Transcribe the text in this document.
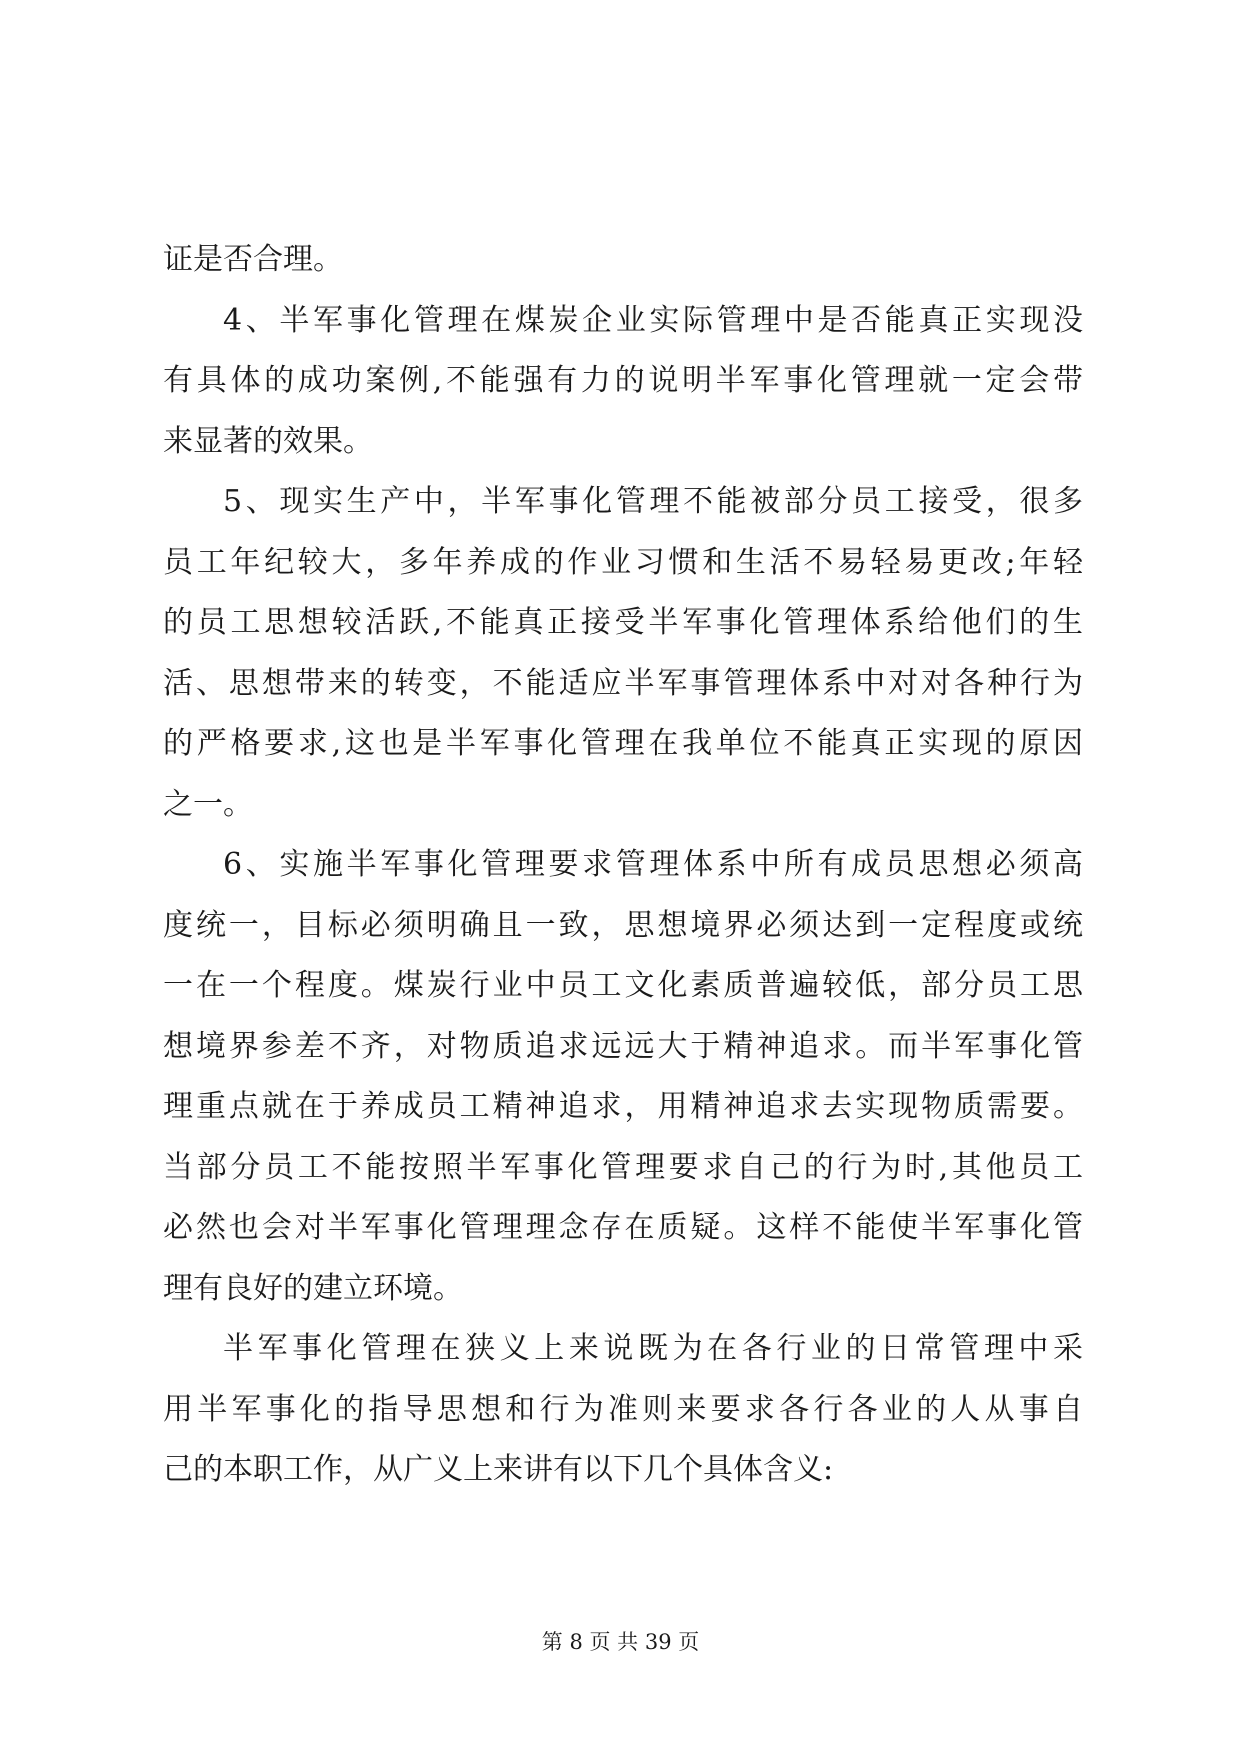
证是否合理。
4、半军事化管理在煤炭企业实际管理中是否能真正实现没
有具体的成功案例,不能强有力的说明半军事化管理就一定会带
来显著的效果。
5、现实生产中，半军事化管理不能被部分员工接受，很多
员工年纪较大，多年养成的作业习惯和生活不易轻易更改;年轻
的员工思想较活跃,不能真正接受半军事化管理体系给他们的生
活、思想带来的转变，不能适应半军事管理体系中对对各种行为
的严格要求,这也是半军事化管理在我单位不能真正实现的原因
之一。
6、实施半军事化管理要求管理体系中所有成员思想必须高
度统一，目标必须明确且一致，思想境界必须达到一定程度或统
一在一个程度。煤炭行业中员工文化素质普遍较低，部分员工思
想境界参差不齐，对物质追求远远大于精神追求。而半军事化管
理重点就在于养成员工精神追求，用精神追求去实现物质需要。
当部分员工不能按照半军事化管理要求自己的行为时,其他员工
必然也会对半军事化管理理念存在质疑。这样不能使半军事化管
理有良好的建立环境。
半军事化管理在狭义上来说既为在各行业的日常管理中采
用半军事化的指导思想和行为准则来要求各行各业的人从事自
己的本职工作，从广义上来讲有以下几个具体含义:
第 8 页 共 39 页
